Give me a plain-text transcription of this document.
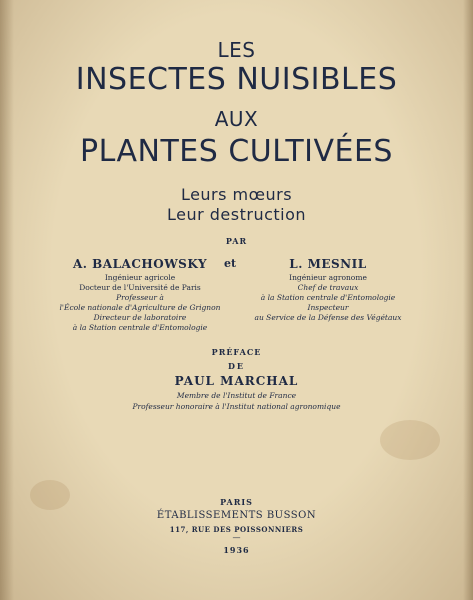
LES
INSECTES NUISIBLES
AUX
PLANTES CULTIVÉES
Leurs mœurs
Leur destruction
PAR
A. BALACHOWSKY
Ingénieur agricole
Docteur de l'Université de Paris
Professeur à
l'École nationale d'Agriculture de Grignon
Directeur de laboratoire
à la Station centrale d'Entomologie
et	L. MESNIL
Ingénieur agronome
Chef de travaux
à la Station centrale d'Entomologie
Inspecteur
au Service de la Défense des Végétaux
PRÉFACE
DE
PAUL MARCHAL
Membre de l'Institut de France
Professeur honoraire à l'Institut national agronomique
PARIS
ÉTABLISSEMENTS BUSSON
117, RUE DES POISSONNIERS
—
1936
